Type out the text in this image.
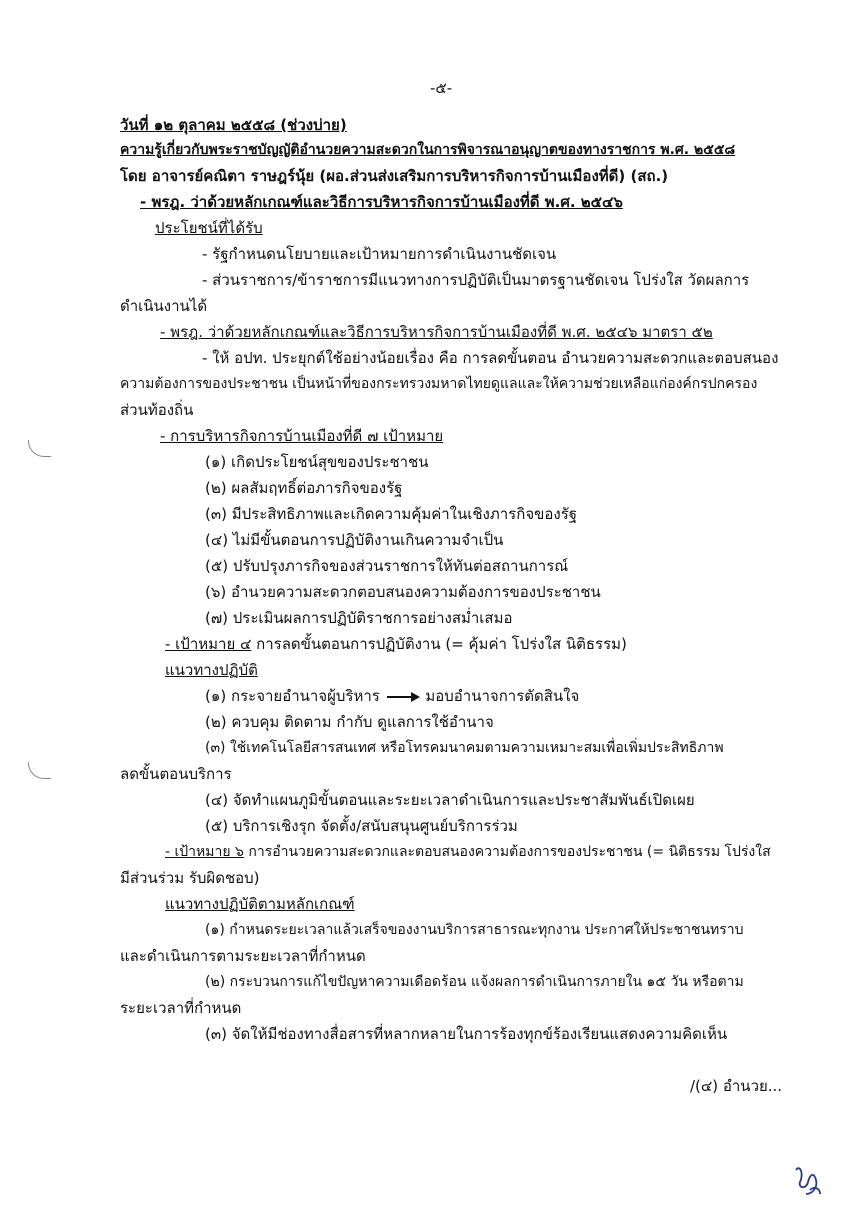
-๕-
วันที่ ๑๒ ตุลาคม ๒๕๕๘ (ช่วงบ่าย)
ความรู้เกี่ยวกับพระราชบัญญัติอำนวยความสะดวกในการพิจารณาอนุญาตของทางราชการ พ.ศ. ๒๕๕๘
โดย อาจารย์คณิตา ราษฎร์นุ้ย (ผอ.ส่วนส่งเสริมการบริหารกิจการบ้านเมืองที่ดี) (สถ.)
- พรฎ. ว่าด้วยหลักเกณฑ์และวิธีการบริหารกิจการบ้านเมืองที่ดี พ.ศ. ๒๕๔๖
ประโยชน์ที่ได้รับ
- รัฐกำหนดนโยบายและเป้าหมายการดำเนินงานชัดเจน
- ส่วนราชการ/ข้าราชการมีแนวทางการปฏิบัติเป็นมาตรฐานชัดเจน โปร่งใส วัดผลการ
ดำเนินงานได้
- พรฎ. ว่าด้วยหลักเกณฑ์และวิธีการบริหารกิจการบ้านเมืองที่ดี พ.ศ. ๒๕๔๖ มาตรา ๕๒
- ให้ อปท. ประยุกต์ใช้อย่างน้อยเรื่อง คือ การลดขั้นตอน อำนวยความสะดวกและตอบสนอง
ความต้องการของประชาชน เป็นหน้าที่ของกระทรวงมหาดไทยดูแลและให้ความช่วยเหลือแก่องค์กรปกครอง
ส่วนท้องถิ่น
- การบริหารกิจการบ้านเมืองที่ดี ๗ เป้าหมาย
(๑) เกิดประโยชน์สุขของประชาชน
(๒) ผลสัมฤทธิ์ต่อภารกิจของรัฐ
(๓) มีประสิทธิภาพและเกิดความคุ้มค่าในเชิงภารกิจของรัฐ
(๔) ไม่มีขั้นตอนการปฏิบัติงานเกินความจำเป็น
(๕) ปรับปรุงภารกิจของส่วนราชการให้ทันต่อสถานการณ์
(๖) อำนวยความสะดวกตอบสนองความต้องการของประชาชน
(๗) ประเมินผลการปฏิบัติราชการอย่างสม่ำเสมอ
- เป้าหมาย ๔ การลดขั้นตอนการปฏิบัติงาน (= คุ้มค่า โปร่งใส นิติธรรม)
แนวทางปฏิบัติ
(๑) กระจายอำนาจผู้บริหาร	มอบอำนาจการตัดสินใจ
(๒) ควบคุม ติดตาม กำกับ ดูแลการใช้อำนาจ
(๓) ใช้เทคโนโลยีสารสนเทศ หรือโทรคมนาคมตามความเหมาะสมเพื่อเพิ่มประสิทธิภาพ
ลดขั้นตอนบริการ
(๔) จัดทำแผนภูมิขั้นตอนและระยะเวลาดำเนินการและประชาสัมพันธ์เปิดเผย
(๕) บริการเชิงรุก จัดตั้ง/สนับสนุนศูนย์บริการร่วม
- เป้าหมาย ๖ การอำนวยความสะดวกและตอบสนองความต้องการของประชาชน (= นิติธรรม โปร่งใส
มีส่วนร่วม รับผิดชอบ)
แนวทางปฏิบัติตามหลักเกณฑ์
(๑) กำหนดระยะเวลาแล้วเสร็จของงานบริการสาธารณะทุกงาน ประกาศให้ประชาชนทราบ
และดำเนินการตามระยะเวลาที่กำหนด
(๒) กระบวนการแก้ไขปัญหาความเดือดร้อน แจ้งผลการดำเนินการภายใน ๑๕ วัน หรือตาม
ระยะเวลาที่กำหนด
(๓) จัดให้มีช่องทางสื่อสารที่หลากหลายในการร้องทุกข์ร้องเรียนแสดงความคิดเห็น
/(๔) อำนวย...
